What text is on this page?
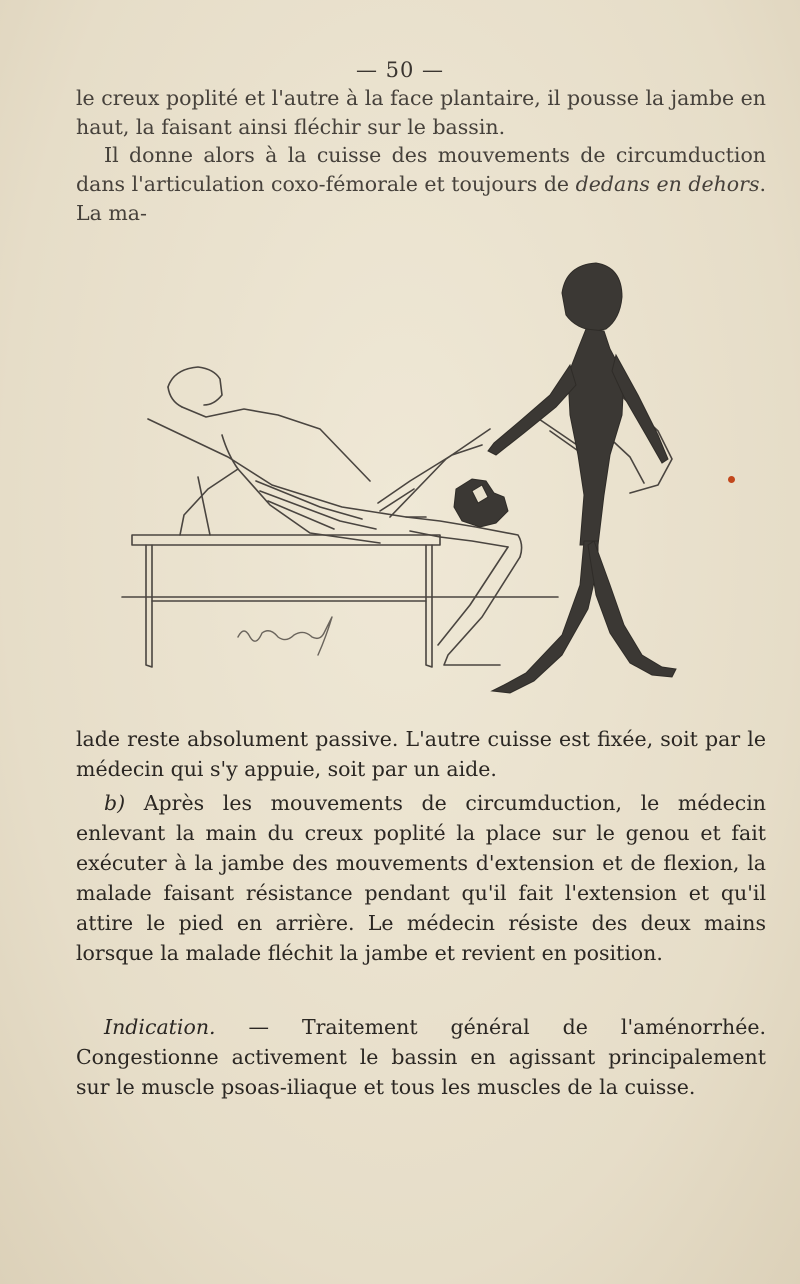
— 50 —

le creux poplité et l'autre à la face plantaire, il pousse la jambe en haut, la faisant ainsi fléchir sur le bassin.

Il donne alors à la cuisse des mouvements de circumduction dans l'articulation coxo-fémorale et toujours de dedans en dehors. La ma-

lade reste absolument passive. L'autre cuisse est fixée, soit par le médecin qui s'y appuie, soit par un aide.

b) Après les mouvements de circumduction, le médecin enlevant la main du creux poplité la place sur le genou et fait exécuter à la jambe des mouvements d'extension et de flexion, la malade faisant résistance pendant qu'il fait l'extension et qu'il attire le pied en arrière. Le médecin résiste des deux mains lorsque la malade fléchit la jambe et revient en position.

Indication. — Traitement général de l'aménorrhée. Congestionne activement le bassin en agissant principalement sur le muscle psoas-iliaque et tous les muscles de la cuisse.
